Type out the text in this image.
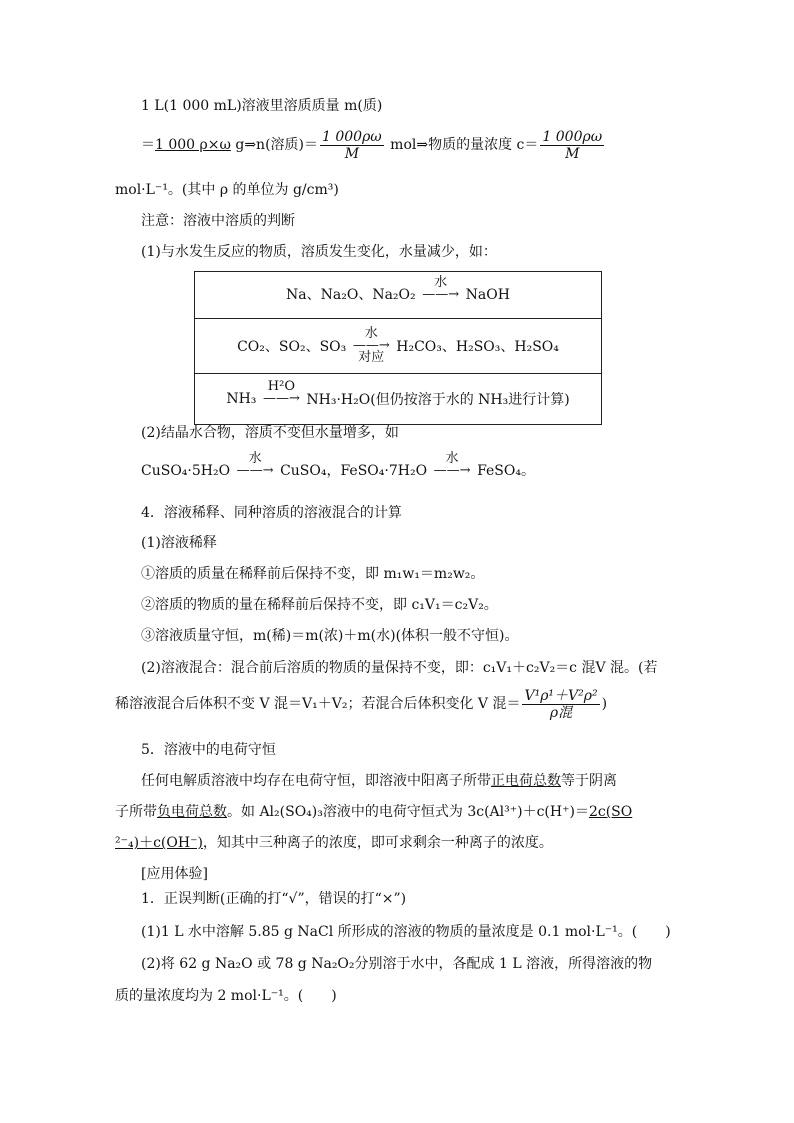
1 L(1 000 mL)溶液里溶质质量 m(质)
＝1 000 ρ×ω g⇒n(溶质)＝ $\frac{1 000\rho\omega}{M}$ mol⇒物质的量浓度 $c= \frac{1 000\rho\omega}{M}$
mol·L⁻¹。(其中 ρ 的单位为 g/cm³)
注意：溶液中溶质的判断
(1)与水发生反应的物质，溶质发生变化，水量减少，如：
Na、Na₂O、Na₂O₂
水
——→
NaOH
CO₂、SO₂、SO₃
水
——→
对应
H₂CO₃、H₂SO₃、H₂SO₄
NH₃
H²O
——→
NH₃·H₂O(但仍按溶于水的 NH₃进行计算)
(2)结晶水合物，溶质不变但水量增多，如
CuSO₄·5H₂O
水
——→
CuSO₄，FeSO₄·7H₂O
水
——→
FeSO₄。
4．溶液稀释、同种溶质的溶液混合的计算
(1)溶液稀释
①溶质的质量在稀释前后保持不变，即 m₁w₁＝m₂w₂。
②溶质的物质的量在稀释前后保持不变，即 c₁V₁＝c₂V₂。
③溶液质量守恒，m(稀)＝m(浓)＋m(水)(体积一般不守恒)。
(2)溶液混合：混合前后溶质的物质的量保持不变，即：c₁V₁＋c₂V₂＝c 混V 混。(若
稀溶液混合后体积不变 V 混＝V₁＋V₂；若混合后体积变化 V 混＝ $\frac{\text{V¹ρ¹＋V²ρ²}}{\text{ρ混}}$ )
5．溶液中的电荷守恒
任何电解质溶液中均存在电荷守恒，即溶液中阳离子所带正电荷总数等于阴离
子所带负电荷总数。如 Al₂(SO₄)₃溶液中的电荷守恒式为 3c(Al³⁺)＋c(H⁺)＝2c(SO
²⁻₄)＋c(OH⁻)，知其中三种离子的浓度，即可求剩余一种离子的浓度。
[应用体验]
1．正误判断(正确的打“√”，错误的打“×”)
(1)1 L 水中溶解 5.85 g NaCl 所形成的溶液的物质的量浓度是 0.1 mol·L⁻¹。( )
(2)将 62 g Na₂O 或 78 g Na₂O₂分别溶于水中，各配成 1 L 溶液，所得溶液的物
质的量浓度均为 2 mol·L⁻¹。( )
